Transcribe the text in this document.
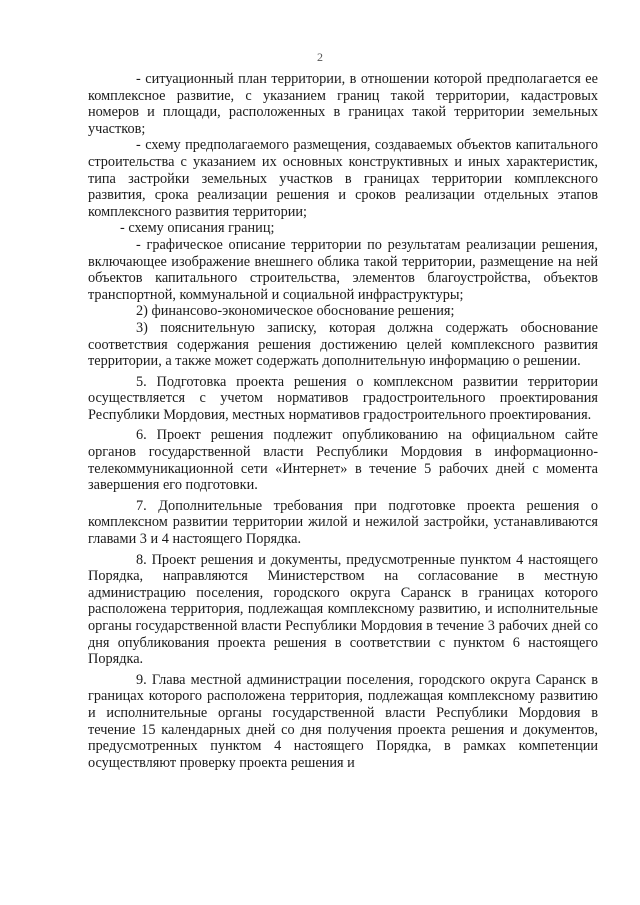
2

- ситуационный план территории, в отношении которой предполагается ее комплексное развитие, с указанием границ такой территории, кадастровых номеров и площади, расположенных в границах такой территории земельных участков;

- схему предполагаемого размещения, создаваемых объектов капитального строительства с указанием их основных конструктивных и иных характеристик, типа застройки земельных участков в границах территории комплексного развития, срока реализации решения и сроков реализации отдельных этапов комплексного развития территории;

- схему описания границ;

- графическое описание территории по результатам реализации решения, включающее изображение внешнего облика такой территории, размещение на ней объектов капитального строительства, элементов благоустройства, объектов транспортной, коммунальной и социальной инфраструктуры;

2) финансово-экономическое обоснование решения;

3) пояснительную записку, которая должна содержать обоснование соответствия содержания решения достижению целей комплексного развития территории, а также может содержать дополнительную информацию о решении.

5. Подготовка проекта решения о комплексном развитии территории осуществляется с учетом нормативов градостроительного проектирования Республики Мордовия, местных нормативов градостроительного проектирования.

6. Проект решения подлежит опубликованию на официальном сайте органов государственной власти Республики Мордовия в информационно-телекоммуникационной сети «Интернет» в течение 5 рабочих дней с момента завершения его подготовки.

7. Дополнительные требования при подготовке проекта решения о комплексном развитии территории жилой и нежилой застройки, устанавливаются главами 3 и 4 настоящего Порядка.

8. Проект решения и документы, предусмотренные пунктом 4 настоящего Порядка, направляются Министерством на согласование в местную администрацию поселения, городского округа Саранск в границах которого расположена территория, подлежащая комплексному развитию, и исполнительные органы государственной власти Республики Мордовия в течение 3 рабочих дней со дня опубликования проекта решения в соответствии с пунктом 6 настоящего Порядка.

9. Глава местной администрации поселения, городского округа Саранск в границах которого расположена территория, подлежащая комплексному развитию и исполнительные органы государственной власти Республики Мордовия в течение 15 календарных дней со дня получения проекта решения и документов, предусмотренных пунктом 4 настоящего Порядка, в рамках компетенции осуществляют проверку проекта решения и
